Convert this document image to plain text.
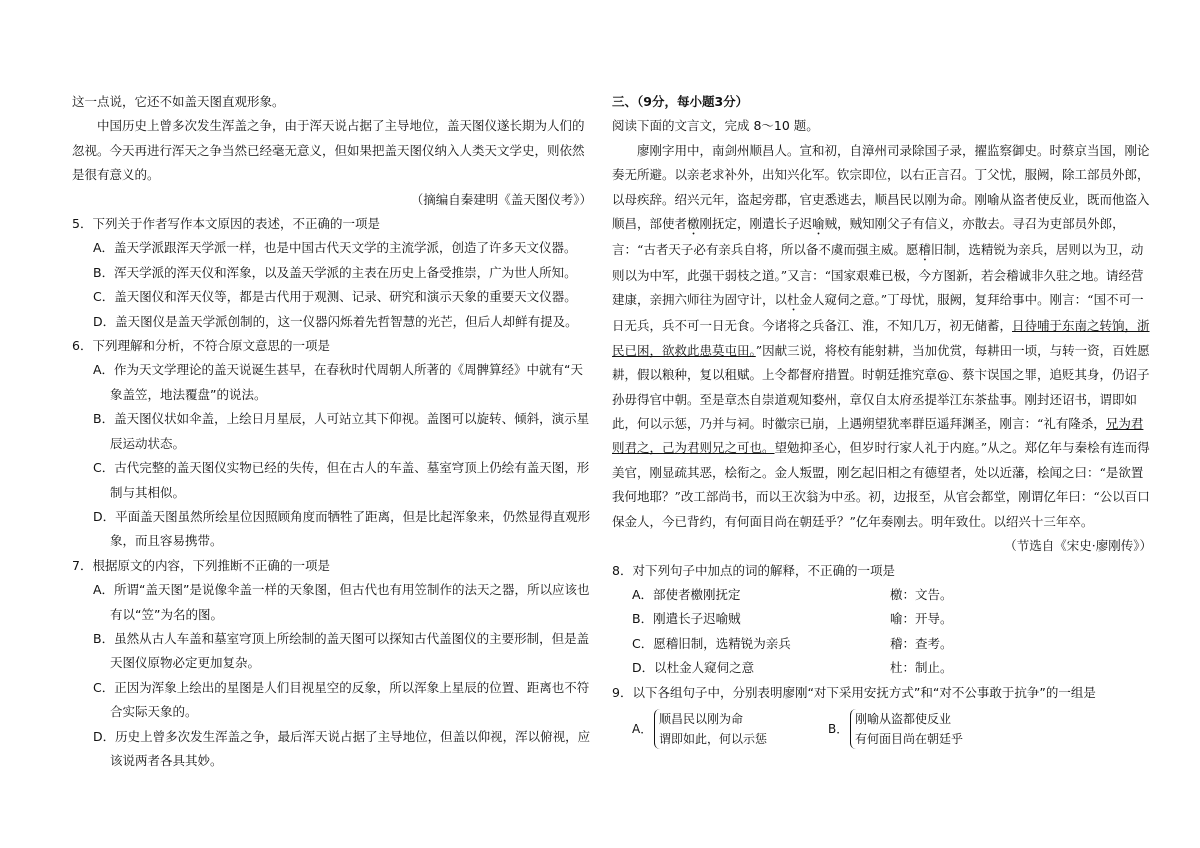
这一点说，它还不如盖天图直观形象。

中国历史上曾多次发生浑盖之争，由于浑天说占据了主导地位，盖天图仪遂长期为人们的忽视。今天再进行浑天之争当然已经毫无意义，但如果把盖天图仪纳入人类天文学史，则依然是很有意义的。

（摘编自秦建明《盖天图仪考》）

5．下列关于作者写作本文原因的表述，不正确的一项是

A．盖天学派跟浑天学派一样，也是中国古代天文学的主流学派，创造了许多天文仪器。

B．浑天学派的浑天仪和浑象，以及盖天学派的主表在历史上备受推崇，广为世人所知。

C．盖天图仪和浑天仪等，都是古代用于观测、记录、研究和演示天象的重要天文仪器。

D．盖天图仪是盖天学派创制的，这一仪器闪烁着先哲智慧的光芒，但后人却鲜有提及。

6．下列理解和分析，不符合原文意思的一项是

A．作为天文学理论的盖天说诞生甚早，在春秋时代周朝人所著的《周髀算经》中就有“天象盖笠，地法覆盘”的说法。

B．盖天图仪状如伞盖，上绘日月星辰，人可站立其下仰视。盖图可以旋转、倾斜，演示星辰运动状态。

C．古代完整的盖天图仪实物已经的失传，但在古人的车盖、墓室穹顶上仍绘有盖天图，形制与其相似。

D．平面盖天图虽然所绘星位因照顾角度而牺牲了距离，但是比起浑象来，仍然显得直观形象，而且容易携带。

7．根据原文的内容，下列推断不正确的一项是

A．所谓“盖天图”是说像伞盖一样的天象图，但古代也有用笠制作的法天之器，所以应该也有以“笠”为名的图。

B．虽然从古人车盖和墓室穹顶上所绘制的盖天图可以探知古代盖图仪的主要形制，但是盖天图仪原物必定更加复杂。

C．正因为浑象上绘出的星图是人们目视星空的反象，所以浑象上星辰的位置、距离也不符合实际天象的。

D．历史上曾多次发生浑盖之争，最后浑天说占据了主导地位，但盖以仰视，浑以俯视，应该说两者各具其妙。

三、（9分，每小题3分）

阅读下面的文言文，完成 8～10 题。

廖刚字用中，南剑州顺昌人。宣和初，自漳州司录除国子录，擢监察御史。时蔡京当国，刚论奏无所避。以亲老求补外，出知兴化军。钦宗即位，以右正言召。丁父忧，服阙，除工部员外郎，以母疾辞。绍兴元年，盗起旁郡，官吏悉逃去，顺昌民以刚为命。刚喻从盗者使反业，既而他盗入顺昌，部使者檄刚抚定，刚遣长子迟喻贼，贼知刚父子有信义，亦散去。寻召为吏部员外郎，言：“古者天子必有亲兵自将，所以备不虞而强主威。愿稽旧制，选精锐为亲兵，居则以为卫，动则以为中军，此强干弱枝之道。”又言：“国家艰难已极，今方图新，若会稽诚非久驻之地。请经营建康，亲拥六师往为固守计，以杜金人窥伺之意。”丁母忧，服阙，复拜给事中。刚言：“国不可一日无兵，兵不可一日无食。今诸将之兵备江、淮，不知几万，初无储蓄，日待哺于东南之转饷，浙民已困，欲救此患莫屯田。”因献三说，将校有能射耕，当加优赏，每耕田一顷，与转一资，百姓愿耕，假以粮种，复以租赋。上令都督府措置。时朝廷推究章@、蔡卞误国之罪，追贬其身，仍诏子孙毋得官中朝。至是章杰自崇道观知婺州，章仅自太府丞提举江东茶盐事。刚封还诏书，谓即如此，何以示惩，乃并与祠。时徽宗已崩，上遇朔望犹率群臣遥拜渊圣，刚言：“礼有隆杀，兄为君则君之，己为君则兄之可也。望勉抑圣心，但岁时行家人礼于内庭。”从之。郑亿年与秦桧有连而得美官，刚显疏其恶，桧衔之。金人叛盟，刚乞起旧相之有德望者，处以近藩，桧闻之曰：“是欲置我何地耶？”改工部尚书，而以王次翁为中丞。初，边报至，从官会都堂，刚谓亿年曰：“公以百口保金人，今已背约，有何面目尚在朝廷乎？”亿年奏刚去。明年致仕。以绍兴十三年卒。

（节选自《宋史·廖刚传》）

8．对下列句子中加点的词的解释，不正确的一项是

A．部使者檄刚抚定	檄：文告。
B．刚遣长子迟喻贼	喻：开导。
C．愿稽旧制，选精锐为亲兵	稽：查考。
D．以杜金人窥伺之意	杜：制止。

9．以下各组句子中，分别表明廖刚“对下采用安抚方式”和“对不公事敢于抗争”的一组是

A．
顺昌民以刚为命
谓即如此，何以示惩
B．
刚喻从盗都使反业
有何面目尚在朝廷乎
